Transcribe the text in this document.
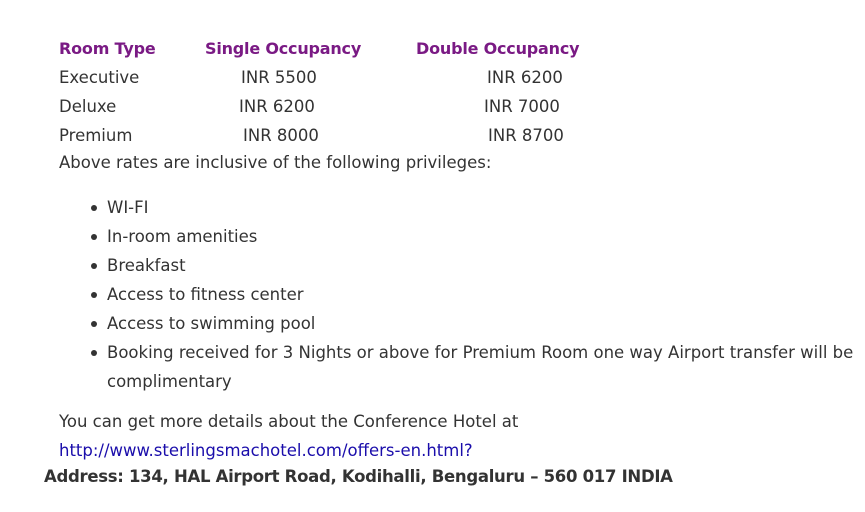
Room Type	Single Occupancy	Double Occupancy
Executive	INR 5500	INR 6200
Deluxe	INR 6200	INR 7000
Premium	INR 8000	INR 8700
Above rates are inclusive of the following privileges:
WI-FI
In-room amenities
Breakfast
Access to fitness center
Access to swimming pool
Booking received for 3 Nights or above for Premium Room one way Airport transfer will be complimentary
You can get more details about the Conference Hotel at
http://www.sterlingsmachotel.com/offers-en.html?
Address: 134, HAL Airport Road, Kodihalli, Bengaluru – 560 017 INDIA
